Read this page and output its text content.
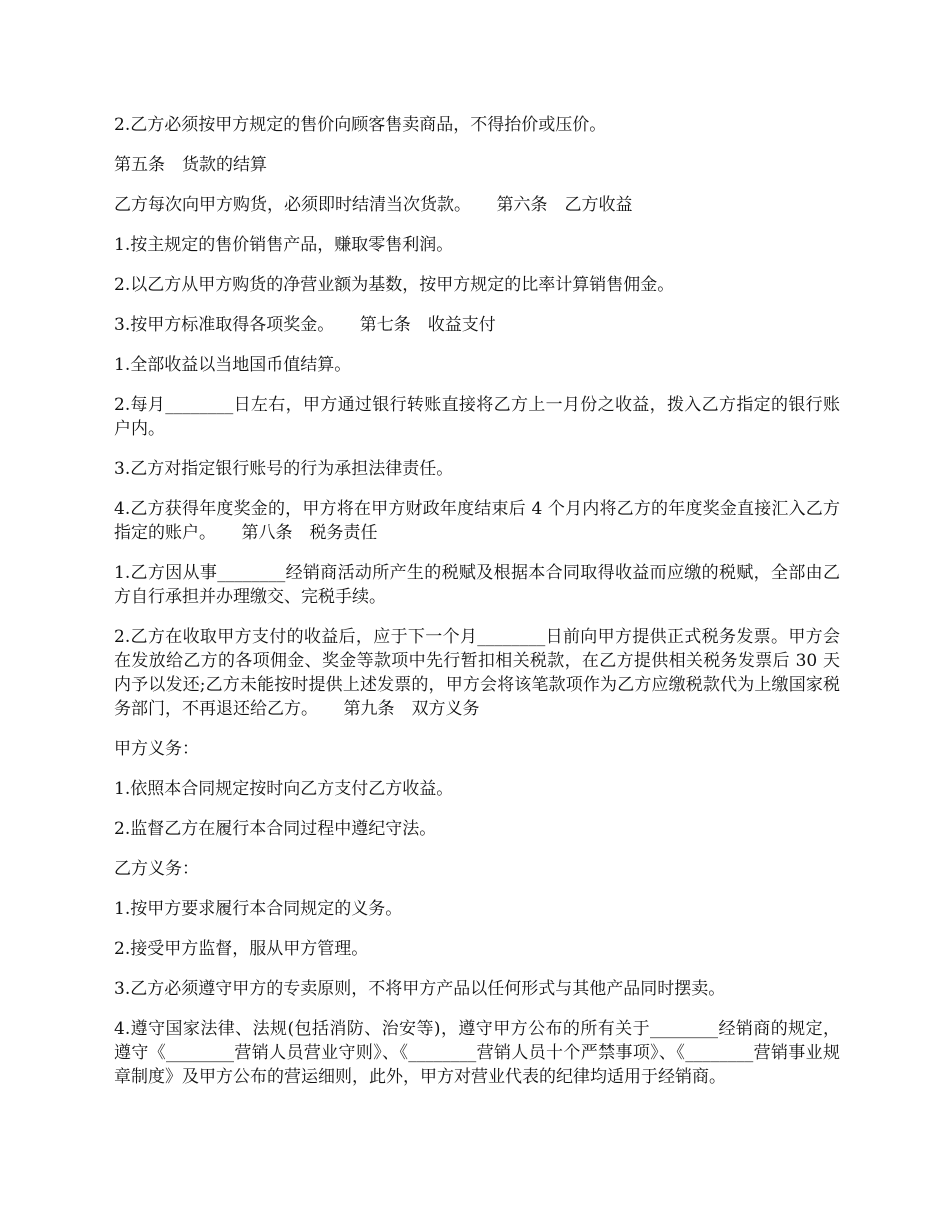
2.乙方必须按甲方规定的售价向顾客售卖商品，不得抬价或压价。

第五条　货款的结算

乙方每次向甲方购货，必须即时结清当次货款。　　第六条　乙方收益

1.按主规定的售价销售产品，赚取零售利润。

2.以乙方从甲方购货的净营业额为基数，按甲方规定的比率计算销售佣金。

3.按甲方标准取得各项奖金。　　第七条　收益支付

1.全部收益以当地国币值结算。

2.每月________日左右，甲方通过银行转账直接将乙方上一月份之收益，拨入乙方指定的银行账户内。

3.乙方对指定银行账号的行为承担法律责任。

4.乙方获得年度奖金的，甲方将在甲方财政年度结束后 4 个月内将乙方的年度奖金直接汇入乙方指定的账户。　　第八条　税务责任

1.乙方因从事________经销商活动所产生的税赋及根据本合同取得收益而应缴的税赋，全部由乙方自行承担并办理缴交、完税手续。

2.乙方在收取甲方支付的收益后，应于下一个月________日前向甲方提供正式税务发票。甲方会在发放给乙方的各项佣金、奖金等款项中先行暂扣相关税款，在乙方提供相关税务发票后 30 天内予以发还;乙方未能按时提供上述发票的，甲方会将该笔款项作为乙方应缴税款代为上缴国家税务部门，不再退还给乙方。　　第九条　双方义务

甲方义务：

1.依照本合同规定按时向乙方支付乙方收益。

2.监督乙方在履行本合同过程中遵纪守法。

乙方义务：

1.按甲方要求履行本合同规定的义务。

2.接受甲方监督，服从甲方管理。

3.乙方必须遵守甲方的专卖原则，不将甲方产品以任何形式与其他产品同时摆卖。

4.遵守国家法律、法规(包括消防、治安等)，遵守甲方公布的所有关于________经销商的规定，遵守《________营销人员营业守则》、《________营销人员十个严禁事项》、《________营销事业规章制度》及甲方公布的营运细则，此外，甲方对营业代表的纪律均适用于经销商。
